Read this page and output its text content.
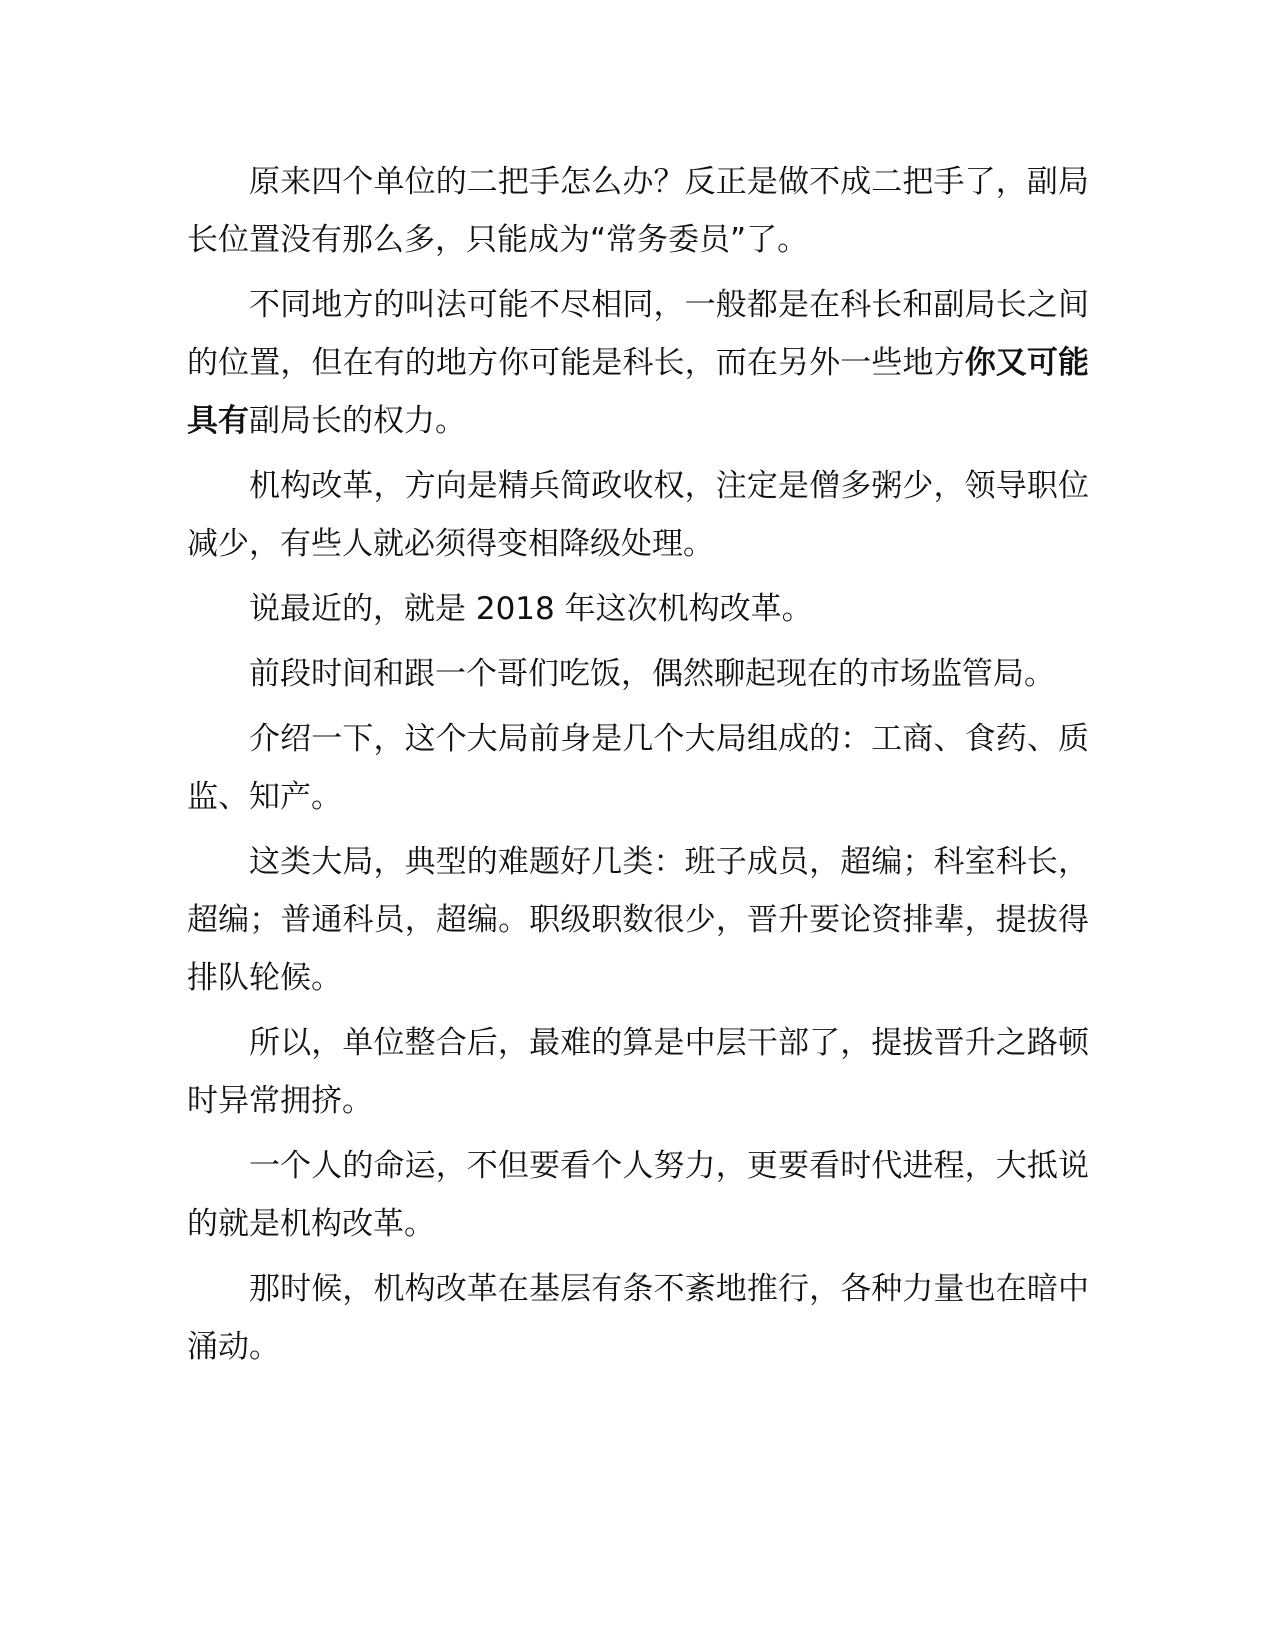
原来四个单位的二把手怎么办？反正是做不成二把手了，副局长位置没有那么多，只能成为“常务委员”了。

不同地方的叫法可能不尽相同，一般都是在科长和副局长之间的位置，但在有的地方你可能是科长，而在另外一些地方你又可能具有副局长的权力。

机构改革，方向是精兵简政收权，注定是僧多粥少，领导职位减少，有些人就必须得变相降级处理。

说最近的，就是 2018 年这次机构改革。

前段时间和跟一个哥们吃饭，偶然聊起现在的市场监管局。

介绍一下，这个大局前身是几个大局组成的：工商、食药、质监、知产。

这类大局，典型的难题好几类：班子成员，超编；科室科长，超编；普通科员，超编。职级职数很少，晋升要论资排辈，提拔得排队轮候。

所以，单位整合后，最难的算是中层干部了，提拔晋升之路顿时异常拥挤。

一个人的命运，不但要看个人努力，更要看时代进程，大抵说的就是机构改革。

那时候，机构改革在基层有条不紊地推行，各种力量也在暗中涌动。
